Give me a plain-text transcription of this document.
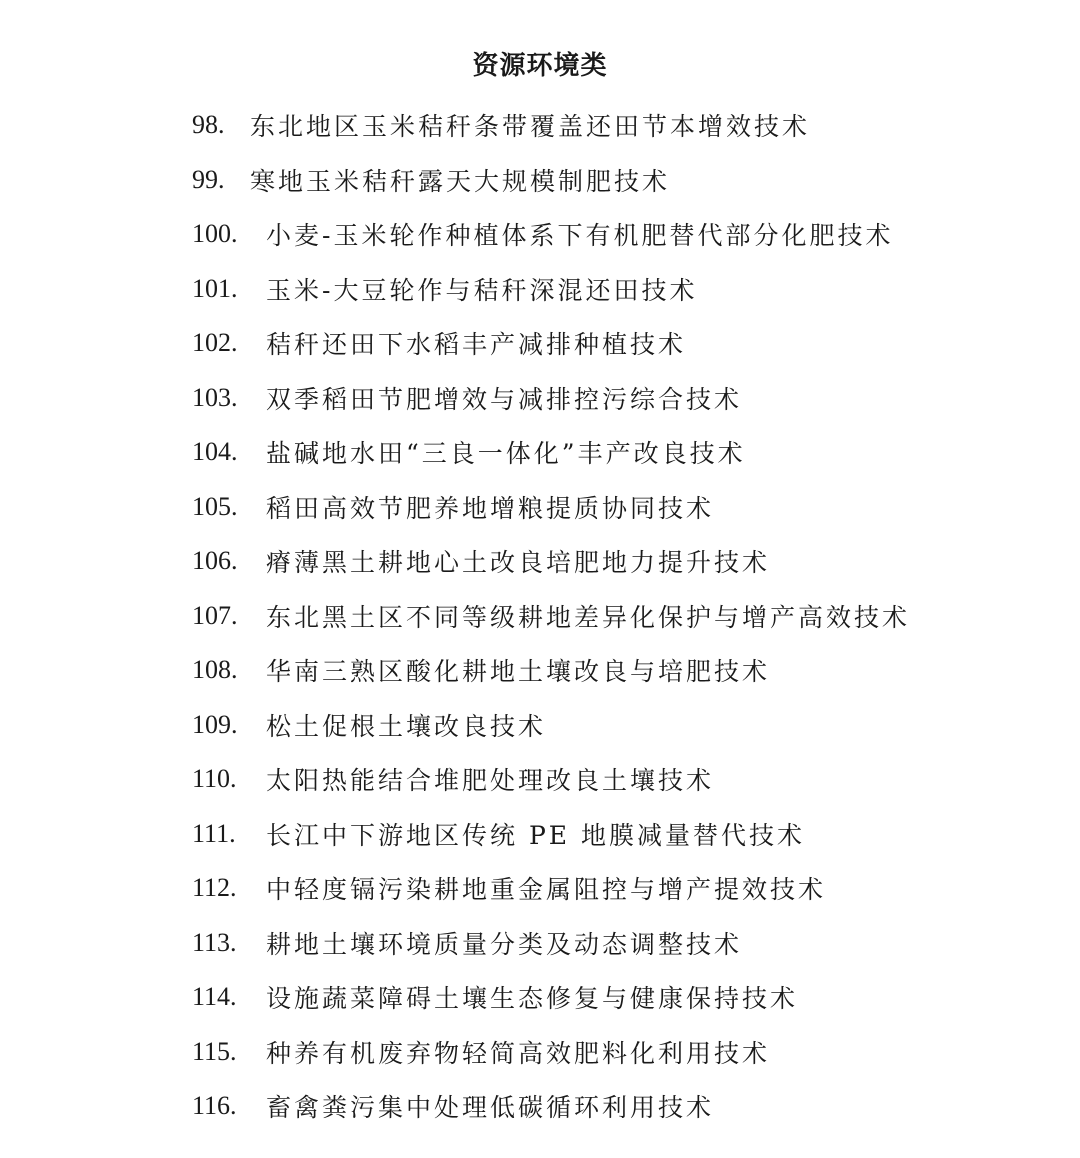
资源环境类
98.	东北地区玉米秸秆条带覆盖还田节本增效技术
99.	寒地玉米秸秆露天大规模制肥技术
100.	小麦-玉米轮作种植体系下有机肥替代部分化肥技术
101.	玉米-大豆轮作与秸秆深混还田技术
102.	秸秆还田下水稻丰产减排种植技术
103.	双季稻田节肥增效与减排控污综合技术
104.	盐碱地水田“三良一体化”丰产改良技术
105.	稻田高效节肥养地增粮提质协同技术
106.	瘠薄黑土耕地心土改良培肥地力提升技术
107.	东北黑土区不同等级耕地差异化保护与增产高效技术
108.	华南三熟区酸化耕地土壤改良与培肥技术
109.	松土促根土壤改良技术
110.	太阳热能结合堆肥处理改良土壤技术
111.	长江中下游地区传统 PE 地膜减量替代技术
112.	中轻度镉污染耕地重金属阻控与增产提效技术
113.	耕地土壤环境质量分类及动态调整技术
114.	设施蔬菜障碍土壤生态修复与健康保持技术
115.	种养有机废弃物轻简高效肥料化利用技术
116.	畜禽粪污集中处理低碳循环利用技术
